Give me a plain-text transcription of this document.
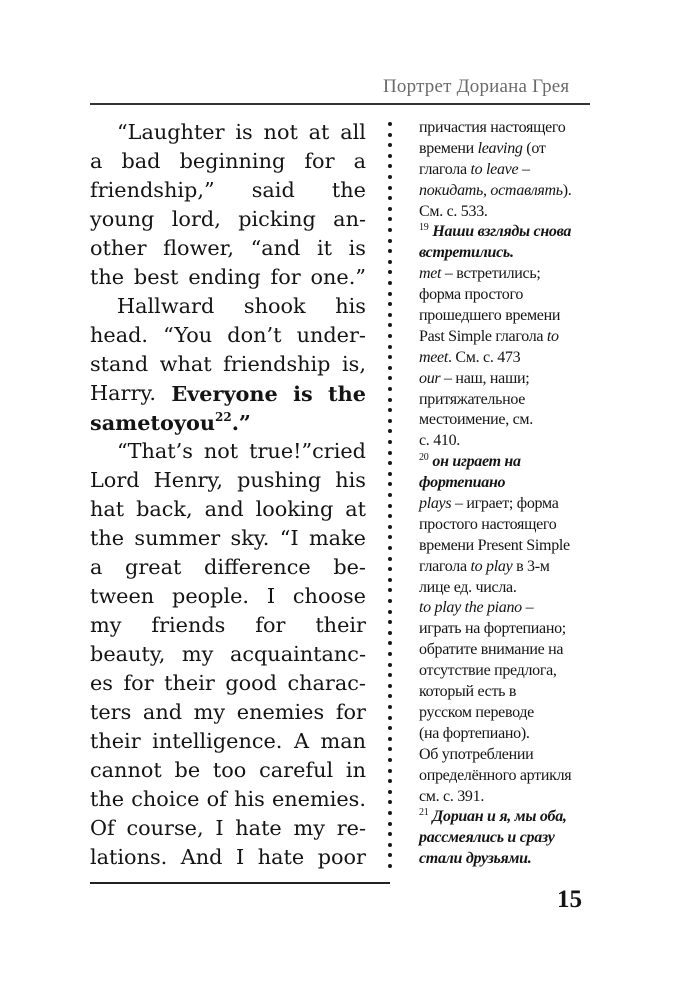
Портрет Дориана Грея
“Laughter is not at all
a bad beginning for a
friendship,” said the
young lord, picking an-
other flower, “and it is
the best ending for one.”
Hallward shook his
head. “You don’t under-
stand what friendship is,
Harry. Everyone is the
same to you$^{22}$.”
“That’s not true!”cried
Lord Henry, pushing his
hat back, and looking at
the summer sky. “I make
a great difference be-
tween people. I choose
my friends for their
beauty, my acquaintanc-
es for their good charac-
ters and my enemies for
their intelligence. A man
cannot be too careful in
the choice of his enemies.
Of course, I hate my re-
lations. And I hate poor
причастия настоящего
времени leaving (от
глагола to leave –
покидать, оставлять).
См. с. 533.
$^{19}$ Наши взгляды снова
встретились.
met – встретились;
форма простого
прошедшего времени
Past Simple глагола to
meet. См. с. 473
our – наш, наши;
притяжательное
местоимение, см.
с. 410.
$^{20}$ он играет на
фортепиано
plays – играет; форма
простого настоящего
времени Present Simple
глагола to play в 3-м
лице ед. числа.
to play the piano –
играть на фортепиано;
обратите внимание на
отсутствие предлога,
который есть в
русском переводе
(на фортепиано).
Об употреблении
определённого артикля
см. с. 391.
$^{21}$ Дориан и я, мы оба,
рассмеялись и сразу
стали друзьями.
15
